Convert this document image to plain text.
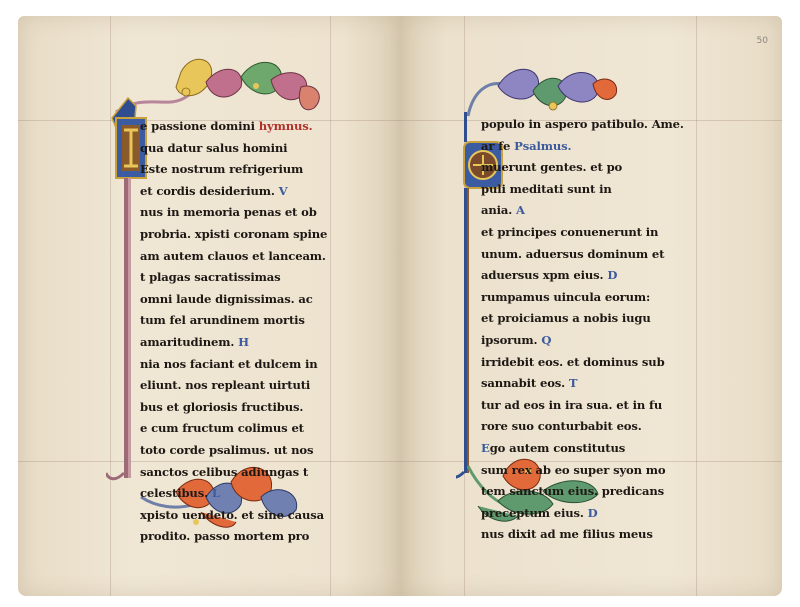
e passione domini hymnus.
qua datur salus homini
Este nostrum refrigerium
et cordis desiderium. V
nus in memoria penas et ob
probria. xpisti coronam spine
am autem clauos et lanceam.
t plagas sacratissimas
omni laude dignissimas. ac
tum fel arundinem mortis
amaritudinem. H
nia nos faciant et dulcem in
eliunt. nos repleant uirtuti
bus et gloriosis fructibus.
e cum fructum colimus et
toto corde psalimus. ut nos
sanctos celibus adiungas t
celestibus. L
xpisto uendeto. et sine causa
prodito. passo mortem pro
50
populo in aspero patibulo. Ame.
ar fe Psalmus.
muerunt gentes. et po
puli meditati sunt in
ania. A
et principes conuenerunt in
unum. aduersus dominum et
aduersus xpm eius. D
rumpamus uincula eorum:
et proiciamus a nobis iugu
ipsorum. Q
irridebit eos. et dominus sub
sannabit eos. T
tur ad eos in ira sua. et in fu
rore suo conturbabit eos.
Ego autem constitutus
sum rex ab eo super syon mo
tem sanctum eius. predicans
preceptum eius. D
nus dixit ad me filius meus
